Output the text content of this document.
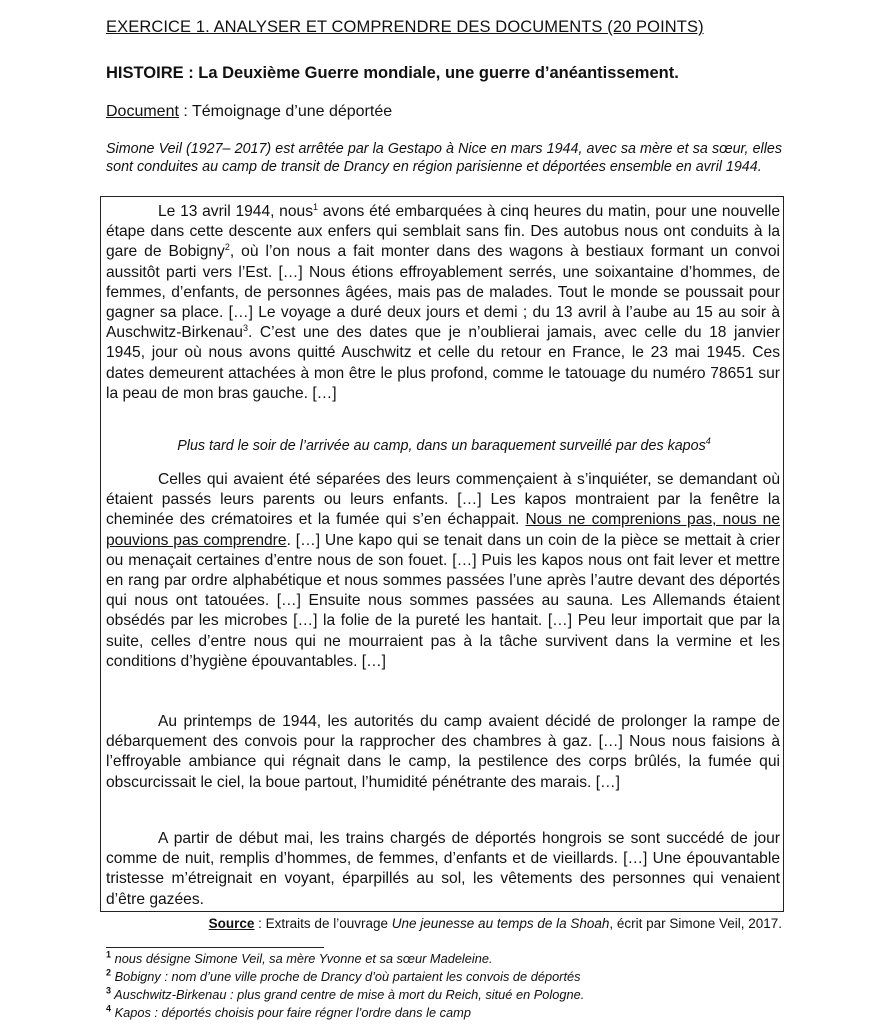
EXERCICE 1. ANALYSER ET COMPRENDRE DES DOCUMENTS (20 POINTS)
HISTOIRE : La Deuxième Guerre mondiale, une guerre d’anéantissement.
Document : Témoignage d’une déportée
Simone Veil (1927– 2017) est arrêtée par la Gestapo à Nice en mars 1944, avec sa mère et sa sœur, elles sont conduites au camp de transit de Drancy en région parisienne et déportées ensemble en avril 1944.
Le 13 avril 1944, nous$^1$ avons été embarquées à cinq heures du matin, pour une nouvelle étape dans cette descente aux enfers qui semblait sans fin. Des autobus nous ont conduits à la gare de Bobigny$^2$, où l’on nous a fait monter dans des wagons à bestiaux formant un convoi aussitôt parti vers l’Est. […] Nous étions effroyablement serrés, une soixantaine d’hommes, de femmes, d’enfants, de personnes âgées, mais pas de malades. Tout le monde se poussait pour gagner sa place. […] Le voyage a duré deux jours et demi ; du 13 avril à l’aube au 15 au soir à Auschwitz-Birkenau$^3$. C’est une des dates que je n’oublierai jamais, avec celle du 18 janvier 1945, jour où nous avons quitté Auschwitz et celle du retour en France, le 23 mai 1945. Ces dates demeurent attachées à mon être le plus profond, comme le tatouage du numéro 78651 sur la peau de mon bras gauche. […]
Plus tard le soir de l’arrivée au camp, dans un baraquement surveillé par des kapos$^4$
Celles qui avaient été séparées des leurs commençaient à s’inquiéter, se demandant où étaient passés leurs parents ou leurs enfants. […] Les kapos montraient par la fenêtre la cheminée des crématoires et la fumée qui s’en échappait. Nous ne comprenions pas, nous ne pouvions pas comprendre. […] Une kapo qui se tenait dans un coin de la pièce se mettait à crier ou menaçait certaines d’entre nous de son fouet. […] Puis les kapos nous ont fait lever et mettre en rang par ordre alphabétique et nous sommes passées l’une après l’autre devant des déportés qui nous ont tatouées. […] Ensuite nous sommes passées au sauna. Les Allemands étaient obsédés par les microbes […] la folie de la pureté les hantait. […] Peu leur importait que par la suite, celles d’entre nous qui ne mourraient pas à la tâche survivent dans la vermine et les conditions d’hygiène épouvantables. […]
Au printemps de 1944, les autorités du camp avaient décidé de prolonger la rampe de débarquement des convois pour la rapprocher des chambres à gaz. […] Nous nous faisions à l’effroyable ambiance qui régnait dans le camp, la pestilence des corps brûlés, la fumée qui obscurcissait le ciel, la boue partout, l’humidité pénétrante des marais. […]
A partir de début mai, les trains chargés de déportés hongrois se sont succédé de jour comme de nuit, remplis d’hommes, de femmes, d’enfants et de vieillards. […] Une épouvantable tristesse m’étreignait en voyant, éparpillés au sol, les vêtements des personnes qui venaient d’être gazées.
Source : Extraits de l’ouvrage Une jeunesse au temps de la Shoah, écrit par Simone Veil, 2017.
$^1$ nous désigne Simone Veil, sa mère Yvonne et sa sœur Madeleine.
$^2$ Bobigny : nom d’une ville proche de Drancy d’où partaient les convois de déportés
$^3$ Auschwitz-Birkenau : plus grand centre de mise à mort du Reich, situé en Pologne.
$^4$ Kapos : déportés choisis pour faire régner l’ordre dans le camp
